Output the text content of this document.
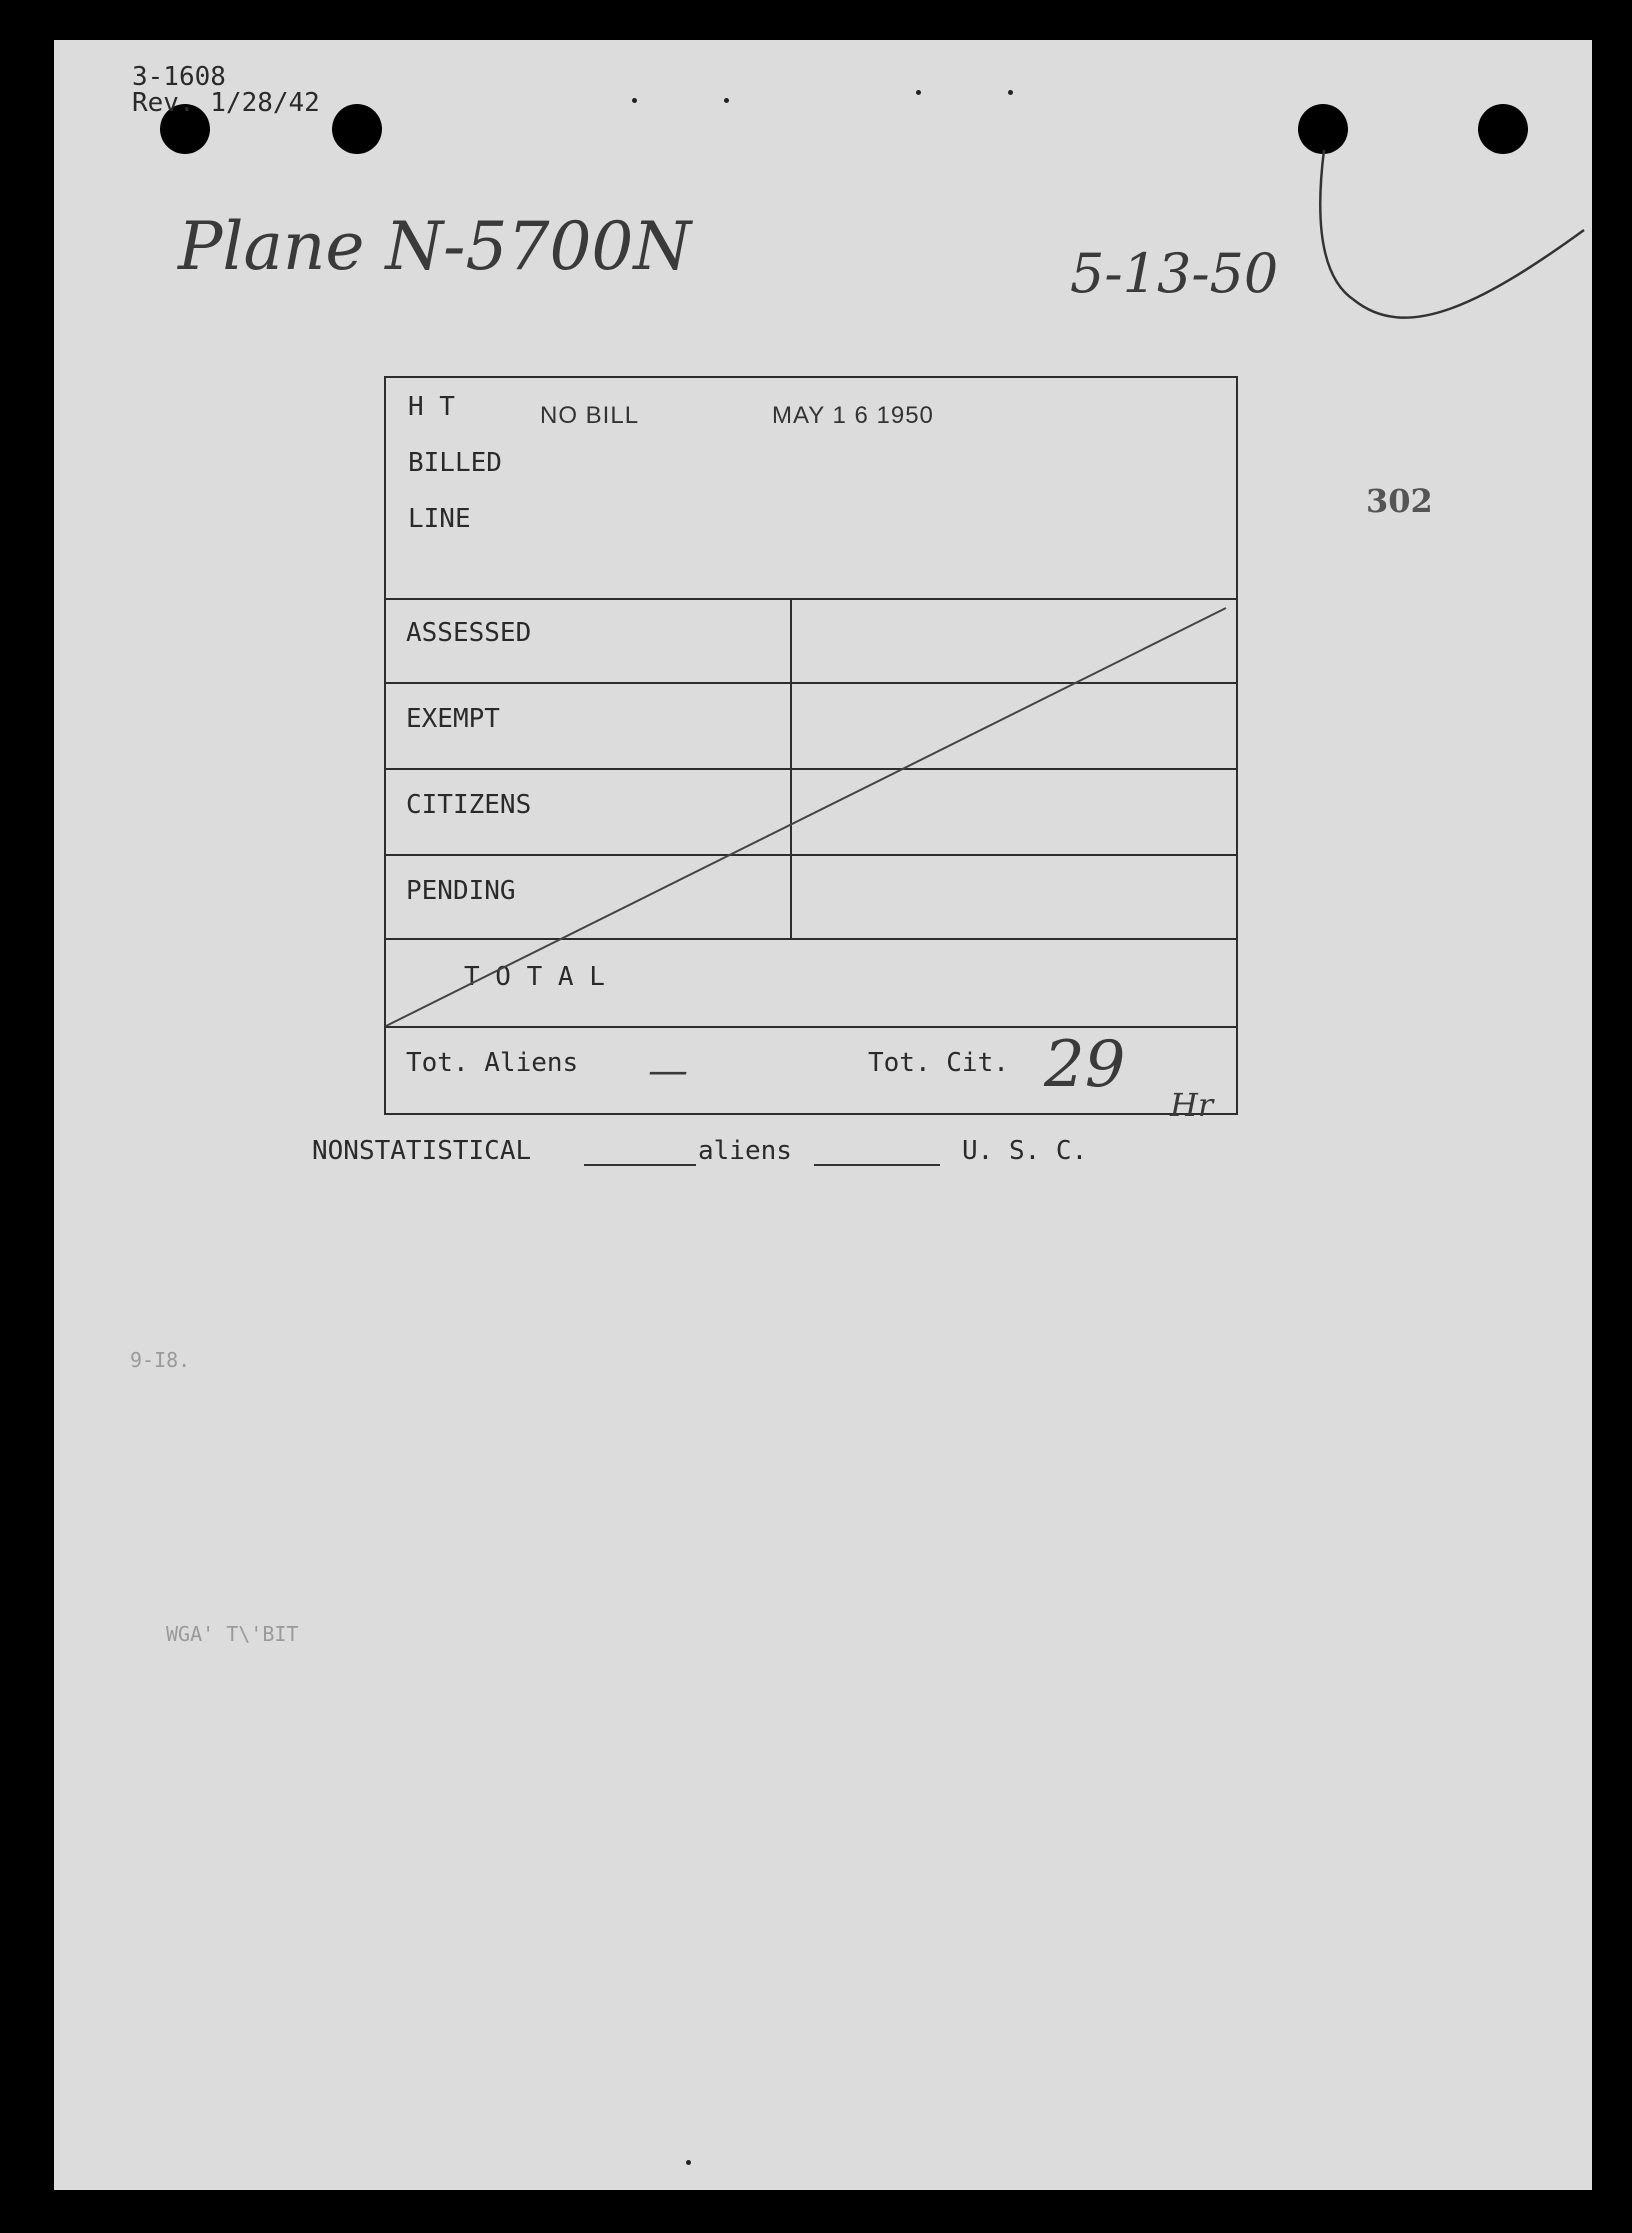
3-1608
Rev. 1/28/42
Plane N-5700N	5-13-50
302
H T
BILLED
LINE
NO BILL	MAY 1 6 1950
ASSESSED
EXEMPT
CITIZENS
PENDING
T O T A L
Tot. Aliens —	Tot. Cit. 29
Hr
NONSTATISTICAL	aliens	U. S. C.
9-I8.
WGA' T\'BIT
